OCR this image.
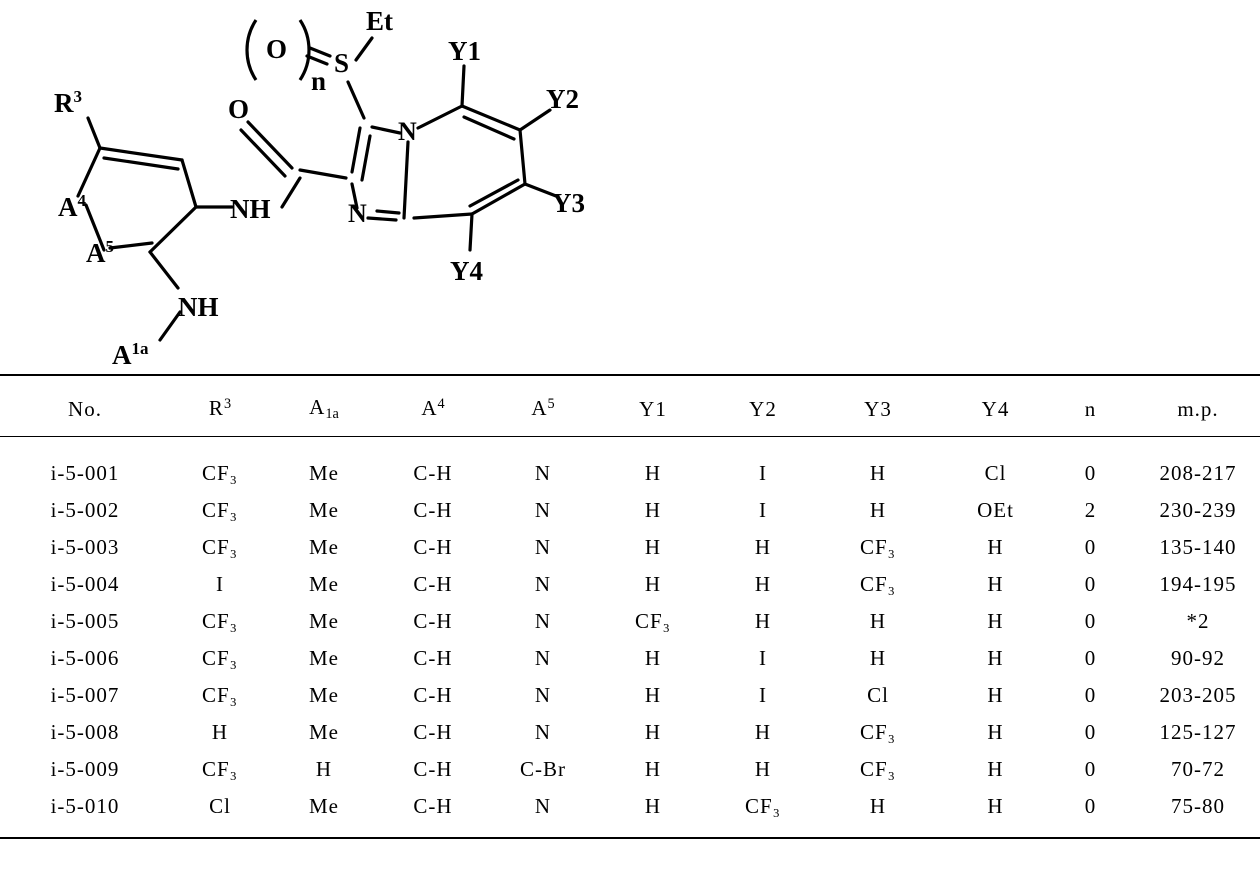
$R^3$
$A^4$
$A^5$
$A^{1a}$
NH
NH
O
O
n
S
Et
N
N
Y1
Y2
Y3
Y4

No.	$R^3$	$A_{1a}$	$A^4$	$A^5$	Y1	Y2	Y3	Y4	n	m.p.

i-5-001	CF₃	Me	C-H	N	H	I	H	Cl	0	208-217
i-5-002	CF₃	Me	C-H	N	H	I	H	OEt	2	230-239
i-5-003	CF₃	Me	C-H	N	H	H	CF₃	H	0	135-140
i-5-004	I	Me	C-H	N	H	H	CF₃	H	0	194-195
i-5-005	CF₃	Me	C-H	N	CF₃	H	H	H	0	*2
i-5-006	CF₃	Me	C-H	N	H	I	H	H	0	90-92
i-5-007	CF₃	Me	C-H	N	H	I	Cl	H	0	203-205
i-5-008	H	Me	C-H	N	H	H	CF₃	H	0	125-127
i-5-009	CF₃	H	C-H	C-Br	H	H	CF₃	H	0	70-72
i-5-010	Cl	Me	C-H	N	H	CF₃	H	H	0	75-80
